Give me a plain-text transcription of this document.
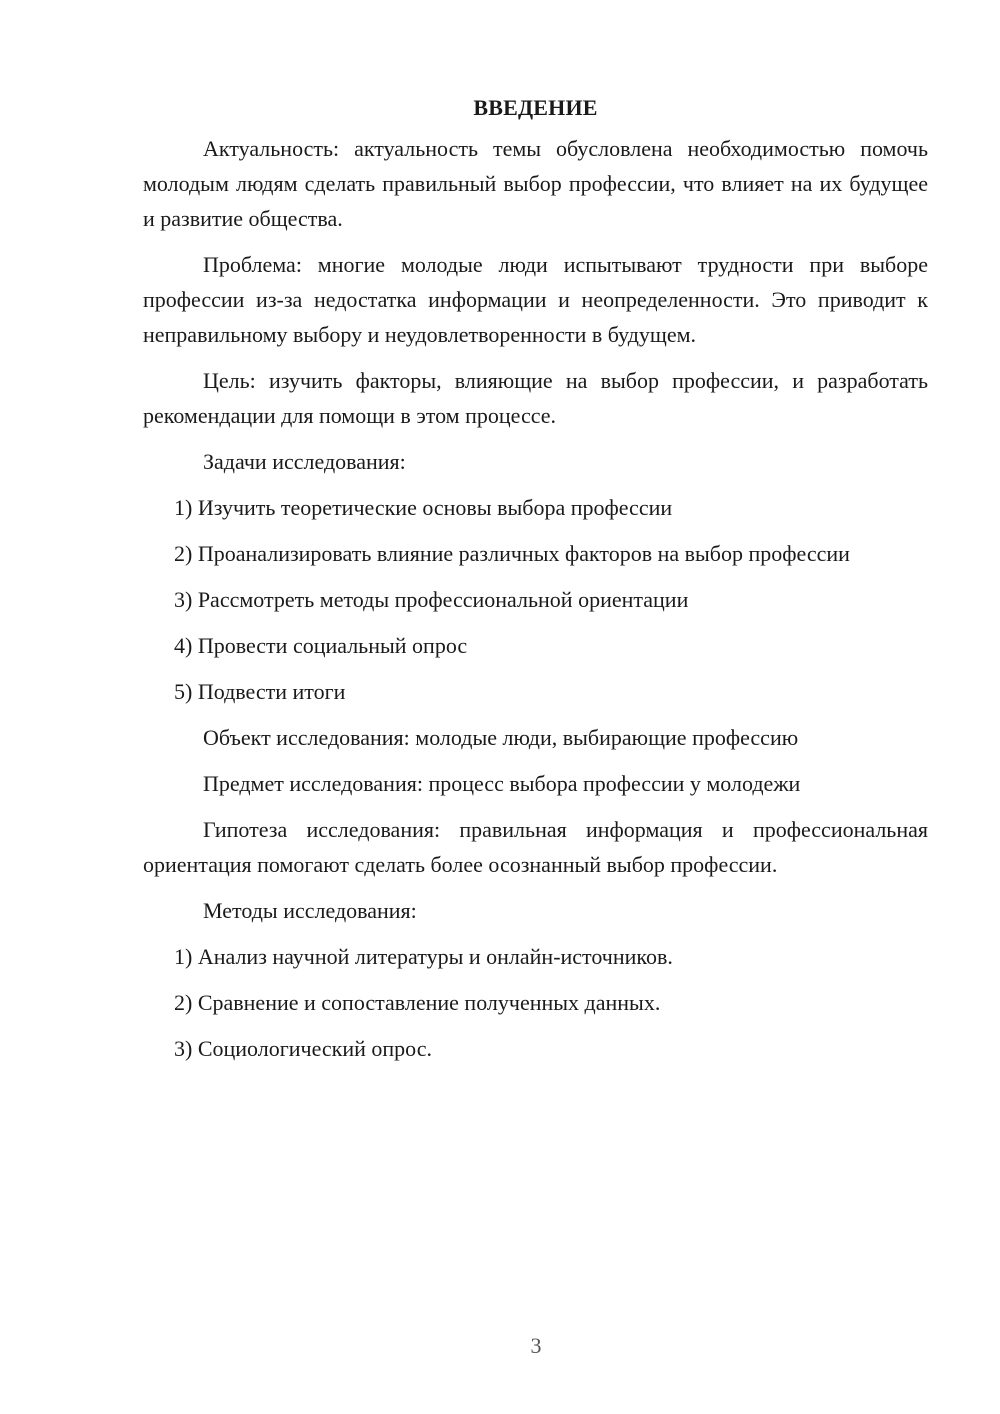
ВВЕДЕНИЕ

Актуальность: актуальность темы обусловлена необходимостью помочь молодым людям сделать правильный выбор профессии, что влияет на их будущее и развитие общества.

Проблема: многие молодые люди испытывают трудности при выборе профессии из-за недостатка информации и неопределенности. Это приводит к неправильному выбору и неудовлетворенности в будущем.

Цель: изучить факторы, влияющие на выбор профессии, и разработать рекомендации для помощи в этом процессе.

Задачи исследования:

1) Изучить теоретические основы выбора профессии

2) Проанализировать влияние различных факторов на выбор профессии

3) Рассмотреть методы профессиональной ориентации

4) Провести социальный опрос

5) Подвести итоги

Объект исследования: молодые люди, выбирающие профессию

Предмет исследования: процесс выбора профессии у молодежи

Гипотеза исследования: правильная информация и профессиональная ориентация помогают сделать более осознанный выбор профессии.

Методы исследования:

1) Анализ научной литературы и онлайн-источников.

2) Сравнение и сопоставление полученных данных.

3) Социологический опрос.

3
